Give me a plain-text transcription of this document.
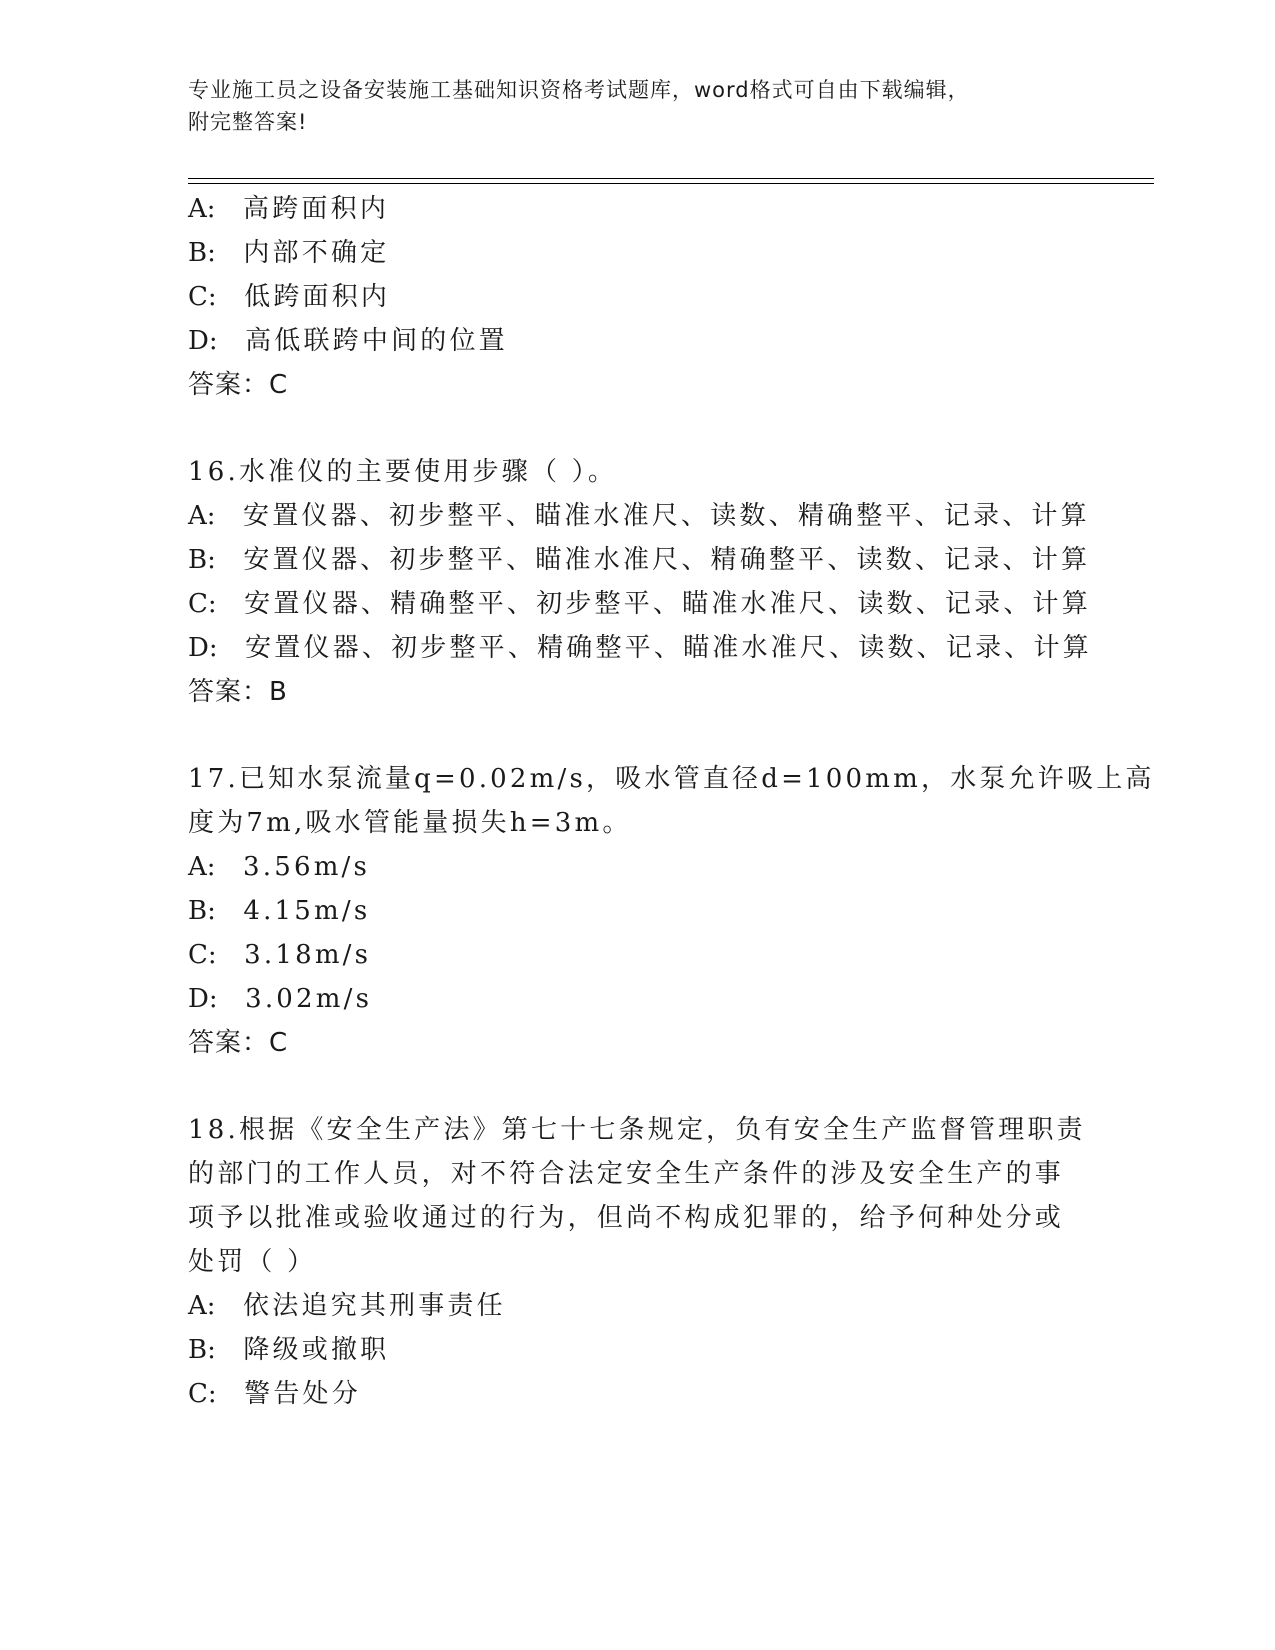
专业施工员之设备安装施工基础知识资格考试题库，word格式可自由下载编辑，
附完整答案!
A: 高跨面积内
B: 内部不确定
C: 低跨面积内
D: 高低联跨中间的位置
答案：C
16.水准仪的主要使用步骤（ ）。
A: 安置仪器、初步整平、瞄准水准尺、读数、精确整平、记录、计算
B: 安置仪器、初步整平、瞄准水准尺、精确整平、读数、记录、计算
C: 安置仪器、精确整平、初步整平、瞄准水准尺、读数、记录、计算
D: 安置仪器、初步整平、精确整平、瞄准水准尺、读数、记录、计算
答案：B
17.已知水泵流量q=0.02m/s，吸水管直径d=100mm，水泵允许吸上高
度为7m,吸水管能量损失h=3m。
A: 3.56m/s
B: 4.15m/s
C: 3.18m/s
D: 3.02m/s
答案：C
18.根据《安全生产法》第七十七条规定，负有安全生产监督管理职责
的部门的工作人员，对不符合法定安全生产条件的涉及安全生产的事
项予以批准或验收通过的行为，但尚不构成犯罪的，给予何种处分或
处罚（ ）
A: 依法追究其刑事责任
B: 降级或撤职
C: 警告处分
